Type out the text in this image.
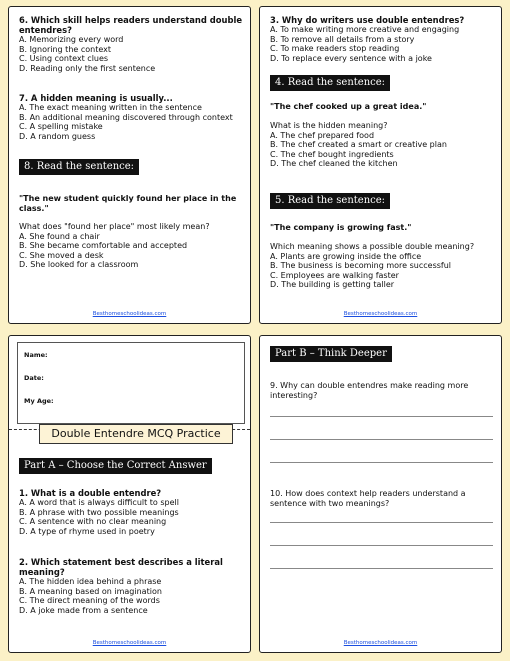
6. Which skill helps readers understand double entendres?
A. Memorizing every word
B. Ignoring the context
C. Using context clues
D. Reading only the first sentence
7. A hidden meaning is usually...
A. The exact meaning written in the sentence
B. An additional meaning discovered through context
C. A spelling mistake
D. A random guess
8. Read the sentence:
"The new student quickly found her place in the class."
What does "found her place" most likely mean?
A. She found a chair
B. She became comfortable and accepted
C. She moved a desk
D. She looked for a classroom
Besthomeschoolideas.com
3. Why do writers use double entendres?
A. To make writing more creative and engaging
B. To remove all details from a story
C. To make readers stop reading
D. To replace every sentence with a joke
4. Read the sentence:
"The chef cooked up a great idea."
What is the hidden meaning?
A. The chef prepared food
B. The chef created a smart or creative plan
C. The chef bought ingredients
D. The chef cleaned the kitchen
5. Read the sentence:
"The company is growing fast."
Which meaning shows a possible double meaning?
A. Plants are growing inside the office
B. The business is becoming more successful
C. Employees are walking faster
D. The building is getting taller
Besthomeschoolideas.com
Name:
Date:
My Age:
Double Entendre MCQ Practice
Part A – Choose the Correct Answer
1. What is a double entendre?
A. A word that is always difficult to spell
B. A phrase with two possible meanings
C. A sentence with no clear meaning
D. A type of rhyme used in poetry
2. Which statement best describes a literal meaning?
A. The hidden idea behind a phrase
B. A meaning based on imagination
C. The direct meaning of the words
D. A joke made from a sentence
Besthomeschoolideas.com
Part B – Think Deeper
9. Why can double entendres make reading more interesting?
10. How does context help readers understand a sentence with two meanings?
Besthomeschoolideas.com
